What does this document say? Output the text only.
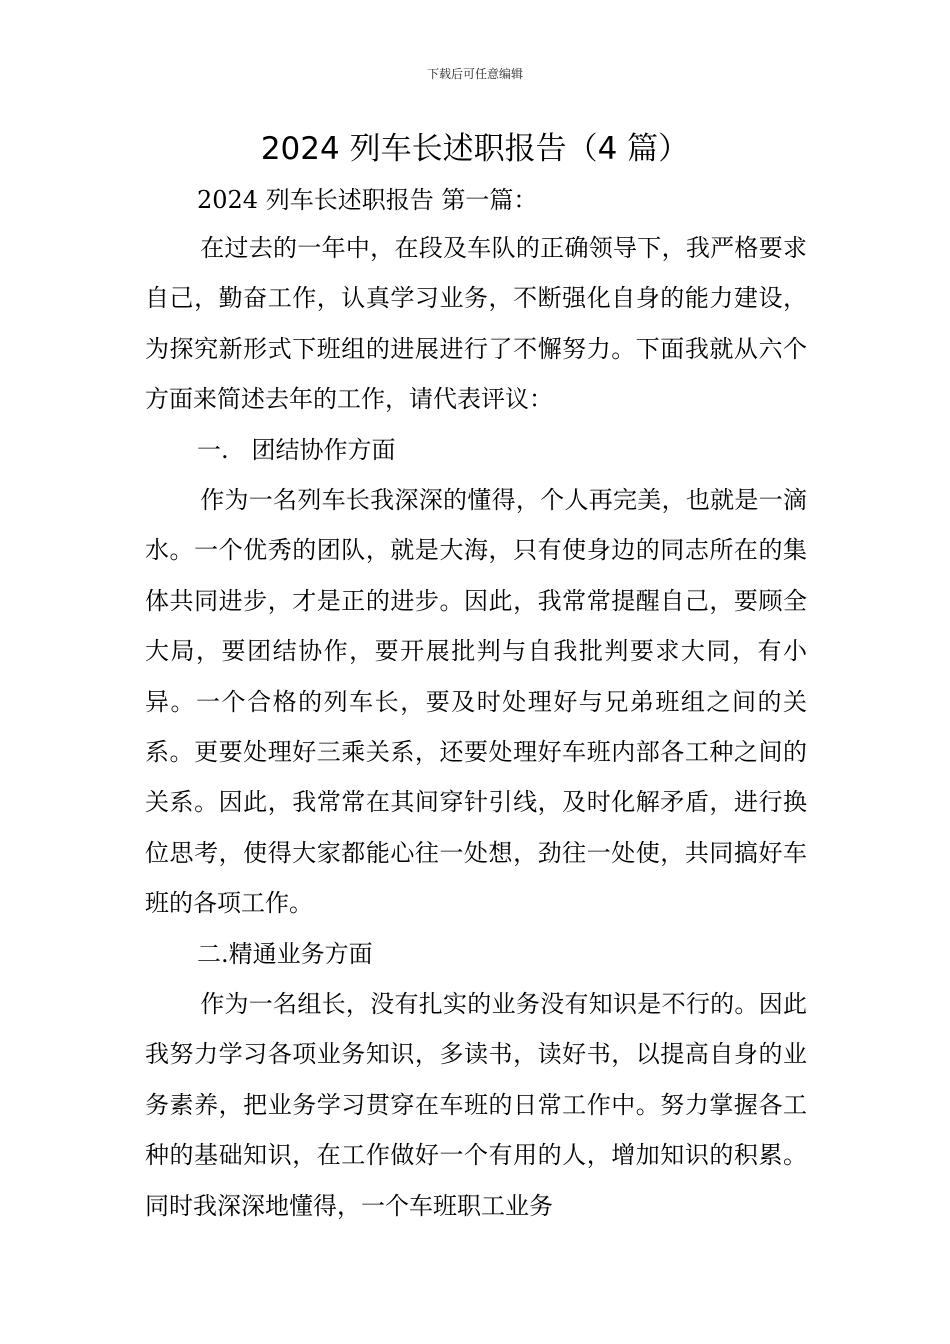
下载后可任意编辑
2024 列车长述职报告（4 篇）
2024 列车长述职报告 第一篇：

在过去的一年中，在段及车队的正确领导下，我严格要求自己，勤奋工作，认真学习业务，不断强化自身的能力建设，为探究新形式下班组的进展进行了不懈努力。下面我就从六个方面来简述去年的工作，请代表评议：

一.   团结协作方面

作为一名列车长我深深的懂得，个人再完美，也就是一滴水。一个优秀的团队，就是大海，只有使身边的同志所在的集体共同进步，才是正的进步。因此，我常常提醒自己，要顾全大局，要团结协作，要开展批判与自我批判要求大同，有小异。一个合格的列车长，要及时处理好与兄弟班组之间的关系。更要处理好三乘关系，还要处理好车班内部各工种之间的关系。因此，我常常在其间穿针引线，及时化解矛盾，进行换位思考，使得大家都能心往一处想，劲往一处使，共同搞好车班的各项工作。

二.精通业务方面

作为一名组长，没有扎实的业务没有知识是不行的。因此我努力学习各项业务知识，多读书，读好书，以提高自身的业务素养，把业务学习贯穿在车班的日常工作中。努力掌握各工种的基础知识，在工作做好一个有用的人，增加知识的积累。同时我深深地懂得，一个车班职工业务
